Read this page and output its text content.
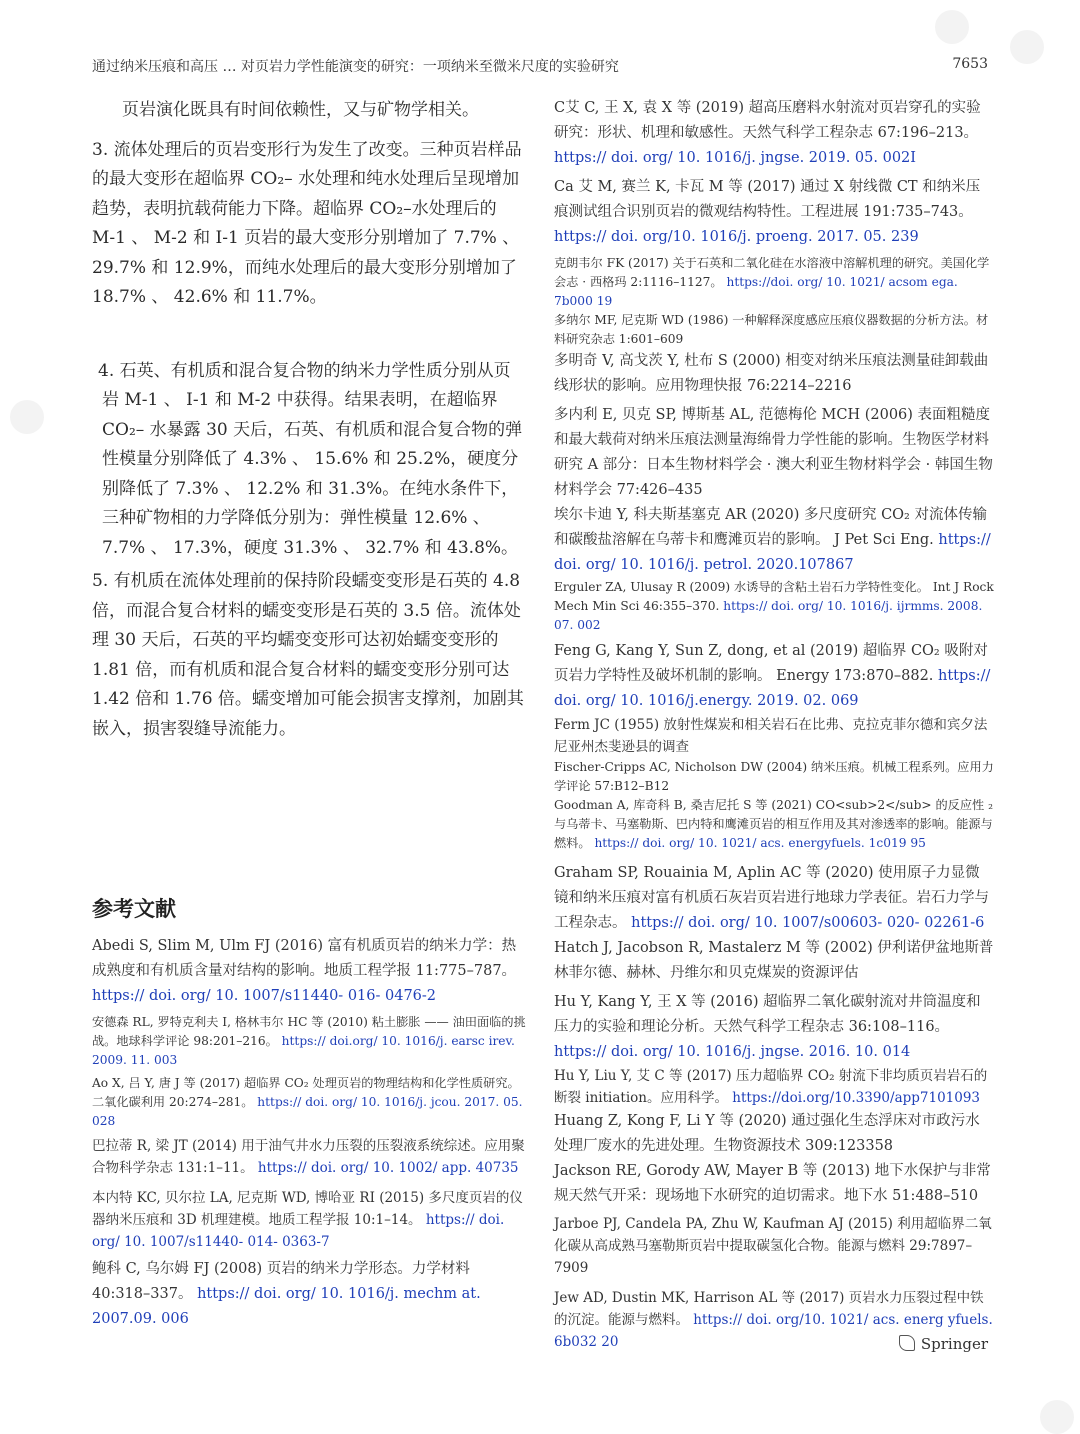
通过纳米压痕和高压 … 对页岩力学性能演变的研究：一项纳米至微米尺度的实验研究	7653

页岩演化既具有时间依赖性，又与矿物学相关。

3. 流体处理后的页岩变形行为发生了改变。三种页岩样品的最大变形在超临界 CO₂– 水处理和纯水处理后呈现增加趋势，表明抗载荷能力下降。超临界 CO₂–水处理后的 M-1 、 M-2 和 I-1 页岩的最大变形分别增加了 7.7% 、 29.7% 和 12.9%，而纯水处理后的最大变形分别增加了 18.7% 、 42.6% 和 11.7%。

4. 石英、有机质和混合复合物的纳米力学性质分别从页岩 M-1 、 I-1 和 M-2 中获得。结果表明，在超临界 CO₂– 水暴露 30 天后，石英、有机质和混合复合物的弹性模量分别降低了 4.3% 、 15.6% 和 25.2%，硬度分别降低了 7.3% 、 12.2% 和 31.3%。在纯水条件下，三种矿物相的力学降低分别为：弹性模量 12.6% 、 7.7% 、 17.3%，硬度 31.3% 、 32.7% 和 43.8%。

5. 有机质在流体处理前的保持阶段蠕变变形是石英的 4.8 倍，而混合复合材料的蠕变变形是石英的 3.5 倍。流体处理 30 天后，石英的平均蠕变变形可达初始蠕变变形的 1.81 倍，而有机质和混合复合材料的蠕变变形分别可达 1.42 倍和 1.76 倍。蠕变增加可能会损害支撑剂，加剧其嵌入，损害裂缝导流能力。

参考文献
Abedi S, Slim M, Ulm FJ (2016) 富有机质页岩的纳米力学：热成熟度和有机质含量对结构的影响。地质工程学报 11:775–787。 https:// doi. org/ 10. 1007/s11440- 016- 0476-2
安德森 RL, 罗特克利夫 I, 格林韦尔 HC 等 (2010) 粘土膨胀 —— 油田面临的挑战。地球科学评论 98:201–216。 https:// doi.org/ 10. 1016/j. earsc irev. 2009. 11. 003
Ao X, 吕 Y, 唐 J 等 (2017) 超临界 CO₂ 处理页岩的物理结构和化学性质研究。二氧化碳利用 20:274–281。 https:// doi. org/ 10. 1016/j. jcou. 2017. 05. 028
巴拉蒂 R, 梁 JT (2014) 用于油气井水力压裂的压裂液系统综述。应用聚合物科学杂志 131:1–11。 https:// doi. org/ 10. 1002/ app. 40735
本内特 KC, 贝尔拉 LA, 尼克斯 WD, 博哈亚 RI (2015) 多尺度页岩的仪器纳米压痕和 3D 机理建模。地质工程学报 10:1–14。 https:// doi. org/ 10. 1007/s11440- 014- 0363-7
鲍科 C, 乌尔姆 FJ (2008) 页岩的纳米力学形态。力学材料 40:318–337。 https:// doi. org/ 10. 1016/j. mechm at. 2007.09. 006
C艾 C, 王 X, 袁 X 等 (2019) 超高压磨料水射流对页岩穿孔的实验研究：形状、机理和敏感性。天然气科学工程杂志 67:196–213。 https:// doi. org/ 10. 1016/j. jngse. 2019. 05. 002I
Ca 艾 M, 赛兰 K, 卡瓦 M 等 (2017) 通过 X 射线微 CT 和纳米压痕测试组合识别页岩的微观结构特性。工程进展 191:735–743。 https:// doi. org/10. 1016/j. proeng. 2017. 05. 239
克朗韦尔 FK (2017) 关于石英和二氧化硅在水溶液中溶解机理的研究。美国化学会志 · 西格玛 2:1116–1127。 https://doi. org/ 10. 1021/ acsom ega. 7b000 19
多纳尔 MF, 尼克斯 WD (1986) 一种解释深度感应压痕仪器数据的分析方法。材料研究杂志 1:601–609
多明奇 V, 高戈茨 Y, 杜布 S (2000) 相变对纳米压痕法测量硅卸载曲线形状的影响。应用物理快报 76:2214–2216
多内利 E, 贝克 SP, 博斯基 AL, 范德梅伦 MCH (2006) 表面粗糙度和最大载荷对纳米压痕法测量海绵骨力学性能的影响。生物医学材料研究 A 部分：日本生物材料学会 · 澳大利亚生物材料学会 · 韩国生物材料学会 77:426–435
埃尔卡迪 Y, 科夫斯基塞克 AR (2020) 多尺度研究 CO₂ 对流体传输和碳酸盐溶解在乌蒂卡和鹰滩页岩的影响。 J Pet Sci Eng. https:// doi. org/ 10. 1016/j. petrol. 2020.107867
Erguler ZA, Ulusay R (2009) 水诱导的含粘土岩石力学特性变化。 Int J Rock Mech Min Sci 46:355–370. https:// doi. org/ 10. 1016/j. ijrmms. 2008. 07. 002
Feng G, Kang Y, Sun Z, dong, et al (2019) 超临界 CO₂ 吸附对页岩力学特性及破坏机制的影响。 Energy 173:870–882. https:// doi. org/ 10. 1016/j.energy. 2019. 02. 069
Ferm JC (1955) 放射性煤炭和相关岩石在比弗、克拉克菲尔德和宾夕法尼亚州杰斐逊县的调查
Fischer-Cripps AC, Nicholson DW (2004) 纳米压痕。机械工程系列。应用力学评论 57:B12–B12
Goodman A, 库奇科 B, 桑吉尼托 S 等 (2021) CO<sub>2</sub> 的反应性 ₂ 与乌蒂卡、马塞勒斯、巴内特和鹰滩页岩的相互作用及其对渗透率的影响。能源与燃料。 https:// doi. org/ 10. 1021/ acs. energyfuels. 1c019 95
Graham SP, Rouainia M, Aplin AC 等 (2020) 使用原子力显微镜和纳米压痕对富有机质石灰岩页岩进行地球力学表征。岩石力学与工程杂志。 https:// doi. org/ 10. 1007/s00603- 020- 02261-6
Hatch J, Jacobson R, Mastalerz M 等 (2002) 伊利诺伊盆地斯普林菲尔德、赫林、丹维尔和贝克煤炭的资源评估
Hu Y, Kang Y, 王 X 等 (2016) 超临界二氧化碳射流对井筒温度和压力的实验和理论分析。天然气科学工程杂志 36:108–116。 https:// doi. org/ 10. 1016/j. jngse. 2016. 10. 014
Hu Y, Liu Y, 艾 C 等 (2017) 压力超临界 CO₂ 射流下非均质页岩岩石的断裂 initiation。应用科学。 https://doi.org/10.3390/app7101093
Huang Z, Kong F, Li Y 等 (2020) 通过强化生态浮床对市政污水处理厂废水的先进处理。生物资源技术 309:123358
Jackson RE, Gorody AW, Mayer B 等 (2013) 地下水保护与非常规天然气开采：现场地下水研究的迫切需求。地下水 51:488–510
Jarboe PJ, Candela PA, Zhu W, Kaufman AJ (2015) 利用超临界二氧化碳从高成熟马塞勒斯页岩中提取碳氢化合物。能源与燃料 29:7897–7909
Jew AD, Dustin MK, Harrison AL 等 (2017) 页岩水力压裂过程中铁的沉淀。能源与燃料。 https:// doi. org/10. 1021/ acs. energ yfuels. 6b032 20	Springer
